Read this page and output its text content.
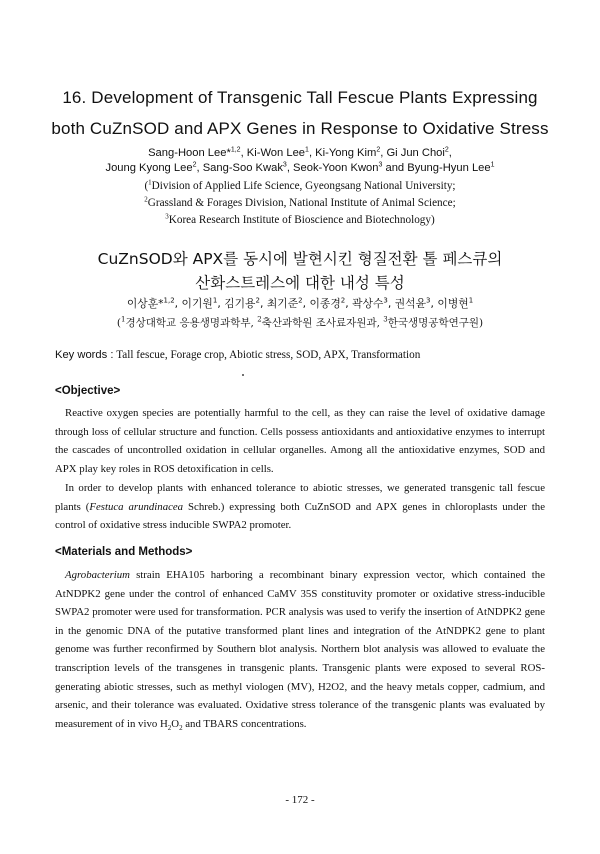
16. Development of Transgenic Tall Fescue Plants Expressing
both CuZnSOD and APX Genes in Response to Oxidative Stress
Sang-Hoon Lee*$^{1,2}$, Ki-Won Lee$^1$, Ki-Yong Kim$^2$, Gi Jun Choi$^2$,
Joung Kyong Lee$^2$, Sang-Soo Kwak$^3$, Seok-Yoon Kwon$^3$ and Byung-Hyun Lee$^1$
($^1$Division of Applied Life Science, Gyeongsang National University;
$^2$Grassland & Forages Division, National Institute of Animal Science;
$^3$Korea Research Institute of Bioscience and Biotechnology)
CuZnSOD와 APX를 동시에 발현시킨 형질전환 톨 페스큐의
산화스트레스에 대한 내성 특성
이상훈*$^{1,2}$, 이기원$^1$, 김기용$^2$, 최기준$^2$, 이종경$^2$, 곽상수$^3$, 권석윤$^3$, 이병현$^1$
($^1$경상대학교 응용생명과학부, $^2$축산과학원 조사료자원과, $^3$한국생명공학연구원)
Key words : Tall fescue, Forage crop, Abiotic stress, SOD, APX, Transformation
<Objective>
Reactive oxygen species are potentially harmful to the cell, as they can raise the level of oxidative damage through loss of cellular structure and function. Cells possess antioxidants and antioxidative enzymes to interrupt the cascades of uncontrolled oxidation in cellular organelles. Among all the antioxidative enzymes, SOD and APX play key roles in ROS detoxification in cells.
In order to develop plants with enhanced tolerance to abiotic stresses, we generated transgenic tall fescue plants (Festuca arundinacea Schreb.) expressing both CuZnSOD and APX genes in chloroplasts under the control of oxidative stress inducible SWPA2 promoter.
<Materials and Methods>
Agrobacterium strain EHA105 harboring a recombinant binary expression vector, which contained the AtNDPK2 gene under the control of enhanced CaMV 35S constituvity promoter or oxidative stress-inducible SWPA2 promoter were used for transformation. PCR analysis was used to verify the insertion of AtNDPK2 gene in the genomic DNA of the putative transformed plant lines and integration of the AtNDPK2 gene to plant genome was further reconfirmed by Southern blot analysis. Northern blot analysis was allowed to evaluate the transcription levels of the transgenes in transgenic plants. Transgenic plants were exposed to several ROS-generating abiotic stresses, such as methyl viologen (MV), H2O2, and the heavy metals copper, cadmium, and arsenic, and their tolerance was evaluated. Oxidative stress tolerance of the transgenic plants was evaluated by measurement of in vivo $H_2O_2$ and TBARS concentrations.
- 172 -
